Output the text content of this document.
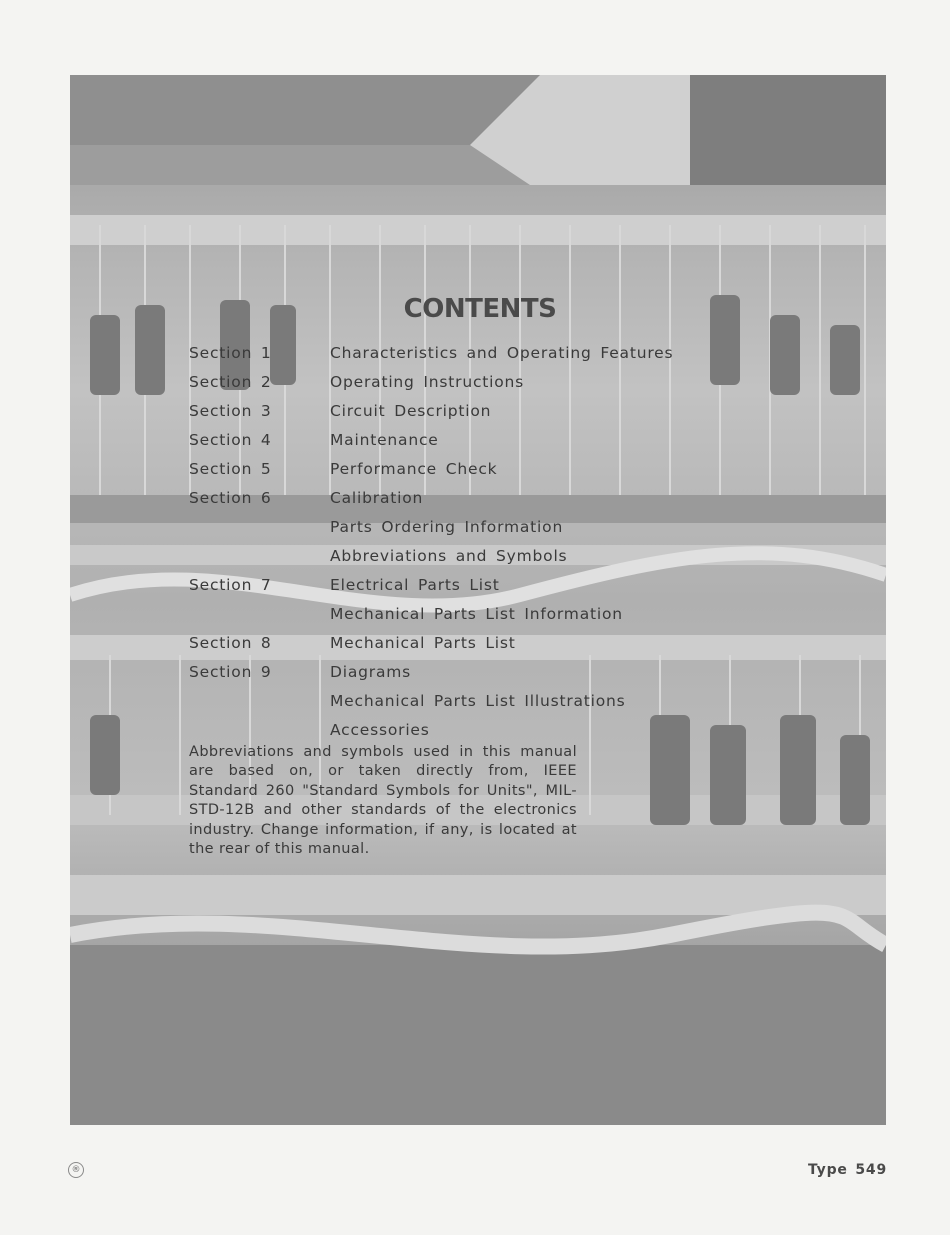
CONTENTS
Section 1	Characteristics and Operating Features
Section 2	Operating Instructions
Section 3	Circuit Description
Section 4	Maintenance
Section 5	Performance Check
Section 6	Calibration
Parts Ordering Information
Abbreviations and Symbols
Section 7	Electrical Parts List
Mechanical Parts List Information
Section 8	Mechanical Parts List
Section 9	Diagrams
Mechanical Parts List Illustrations
Accessories
Abbreviations and symbols used in this manual are based on, or taken directly from, IEEE Standard 260 "Standard Symbols for Units", MIL-STD-12B and other standards of the electronics industry. Change information, if any, is located at the rear of this manual.
®	Type 549
